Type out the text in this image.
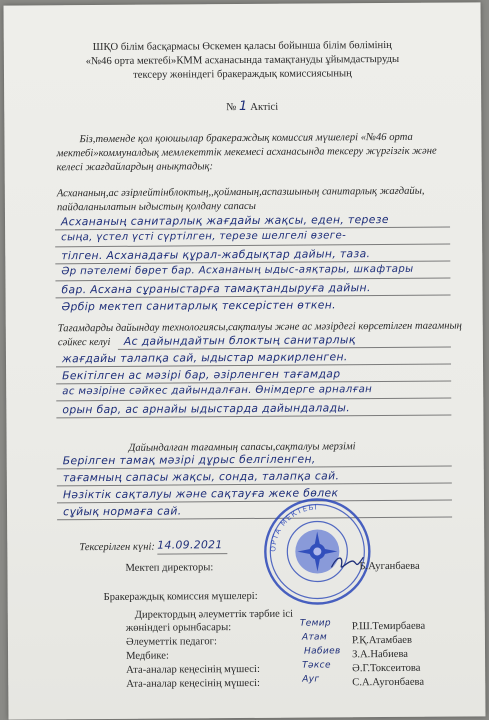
ШҚО білім басқармасы Өскемен қаласы бойынша білім бөлімінің
«№46 орта мектебі»КММ асханасында тамақтануды ұйымдастыруды
тексеру жөніндегі бракераждық комиссиясының
№ 1 Актісі
Біз,төменде қол қоюшылар бракераждық комиссия мүшелері «№46 орта
мектебі»коммуналдық мемлекеттік мекемесі асханасында тексеру жүргізгік және
келесі жағдайлардың анықтадық:
Асхананың,ас әзірлейтінблоктың,,қойманың,аспазшының санитарлық жағдайы,
пайдаланылатын ыдыстың қолдану сапасы
Асхананың санитарлық жағдайы жақсы, еден, терезе
сыңа, үстел үсті сүртілген, терезе шелгелі өзеге-
тілген. Асханадағы құрал-жабдықтар дайын, таза.
Әр пәтелемі бөрет бар. Асхананың ыдыс-аяқтары, шкафтары
бар. Асхана сұраныстарға тамақтандыруға дайын.
Әрбір мектеп санитарлық тексерістен өткен.
Тағамдарды дайындау технологиясы,сақталуы және ас мәзірдегі көрсетілген тағамның
сәйкес келуі Ас дайындайтын блоктың санитарлық
жағдайы талапқа сай, ыдыстар маркирленген.
Бекітілген ас мәзірі бар, әзірленген тағамдар
ас мәзіріне сәйкес дайындалған. Өнімдерге арналған
орын бар, ас арнайы ыдыстарда дайындалады.
Дайындалған тағамның сапасы,сақталуы мерзімі
Берілген тамақ мәзірі дұрыс белгіленген,
тағамның сапасы жақсы, сонда, талапқа сай.
Нәзіктік сақталуы және сақтауға жеке бөлек
сұйық нормаға сай.
Тексерілген күні: 14.09.2021	ОРТА МЕКТЕБІ
Мектеп директоры:	Б.Ауганбаева
Бракераждық комиссия мүшелері:
Директордың әлеуметтік тәрбие ісі
жөніндегі орынбасары:	Темир Р.Ш.Темирбаева
Әлеуметтік педагог:	Атам Р.Қ.Атамбаев
Медбике:	Набиев З.А.Набиева
Ата-аналар кеңесінің мүшесі:	Тәксе Ә.Г.Токсеитова
Ата-аналар кеңесінің мүшесі:	Ауг	С.А.Аугонбаева
